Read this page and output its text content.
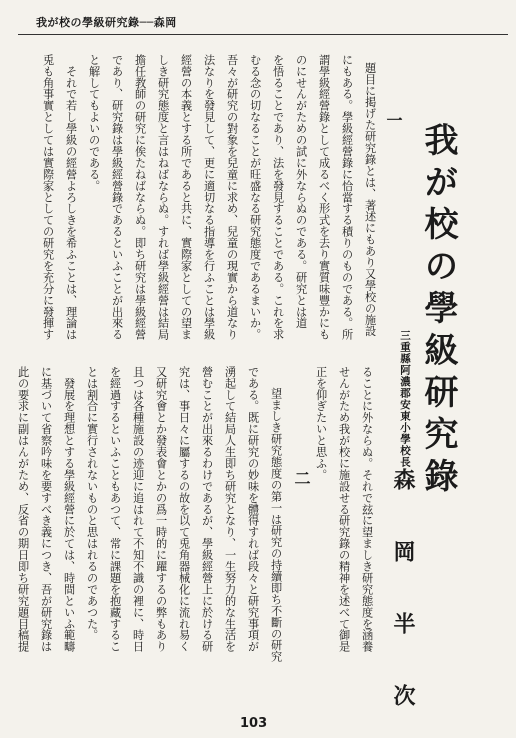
我が校の學級研究錄──森岡
我が校の學級研究錄
三重縣阿濃郡安東小學校長
森　岡　半　次
一
題目に掲げた研究錄とは、著述にもあり又學校の施設
にもある。學級經營錄に恰當する積りのものである。所
謂學級經營錄として成るべく形式を去り實質味豐かにも
のにせんがための試に外ならぬのである。研究とは道
を悟ることであり、法を發見することである。これを求
むる念の切なることが旺盛なる研究態度であるまいか。
吾々が研究の對象を兒童に求め、兒童の現實から道なり
法なりを發見して、更に適切なる指導を行ふことは學級
經營の本義とする所であると共に、實際家としての望ま
しき研究態度と言はねばならぬ。すれば學級經營は結局
擔任教師の研究に俟たねばならぬ。即ち研究は學級經營
であり、研究錄は學級經營錄であるといふことが出來る
と解してもよいのである。
　それで若し學級の經營よろしきを希ふことは、理論は
兎も角事實としては實際家としての研究を充分に發揮す
ることに外ならぬ。それで玆に望ましき研究態度を涵養
せんがため我が校に施設せる研究錄の精神を述べて御是
正を仰ぎたいと思ふ。
二
　望ましき研究態度の第一は研究の持續即ち不斷の研究
である。既に研究の妙味を體得すれば段々と研究事項が
湧起して結局人生即ち研究となり、一生努力的な生活を
營むことが出來るわけであるが、學級經營上に於ける研
究は、事日々に屬するの故を以て兎角器械化に流れ易く
又研究會とか發表會とかの爲一時的に躍するの弊もあり
且つは各種施設の迹迎に追はれて不知不識の裡に、時日
を經過するといふこともあつて、常に課題を抱藏するこ
とは割合に實行されないものと思はれるのであつた。
　發展を理想とする學級經營に於ては、時間といふ範疇
に基づいて省察吟味を要すべき義につき、吾が研究錄は
此の要求に副はんがため、反省の期日即ち研究題目稿提
103
